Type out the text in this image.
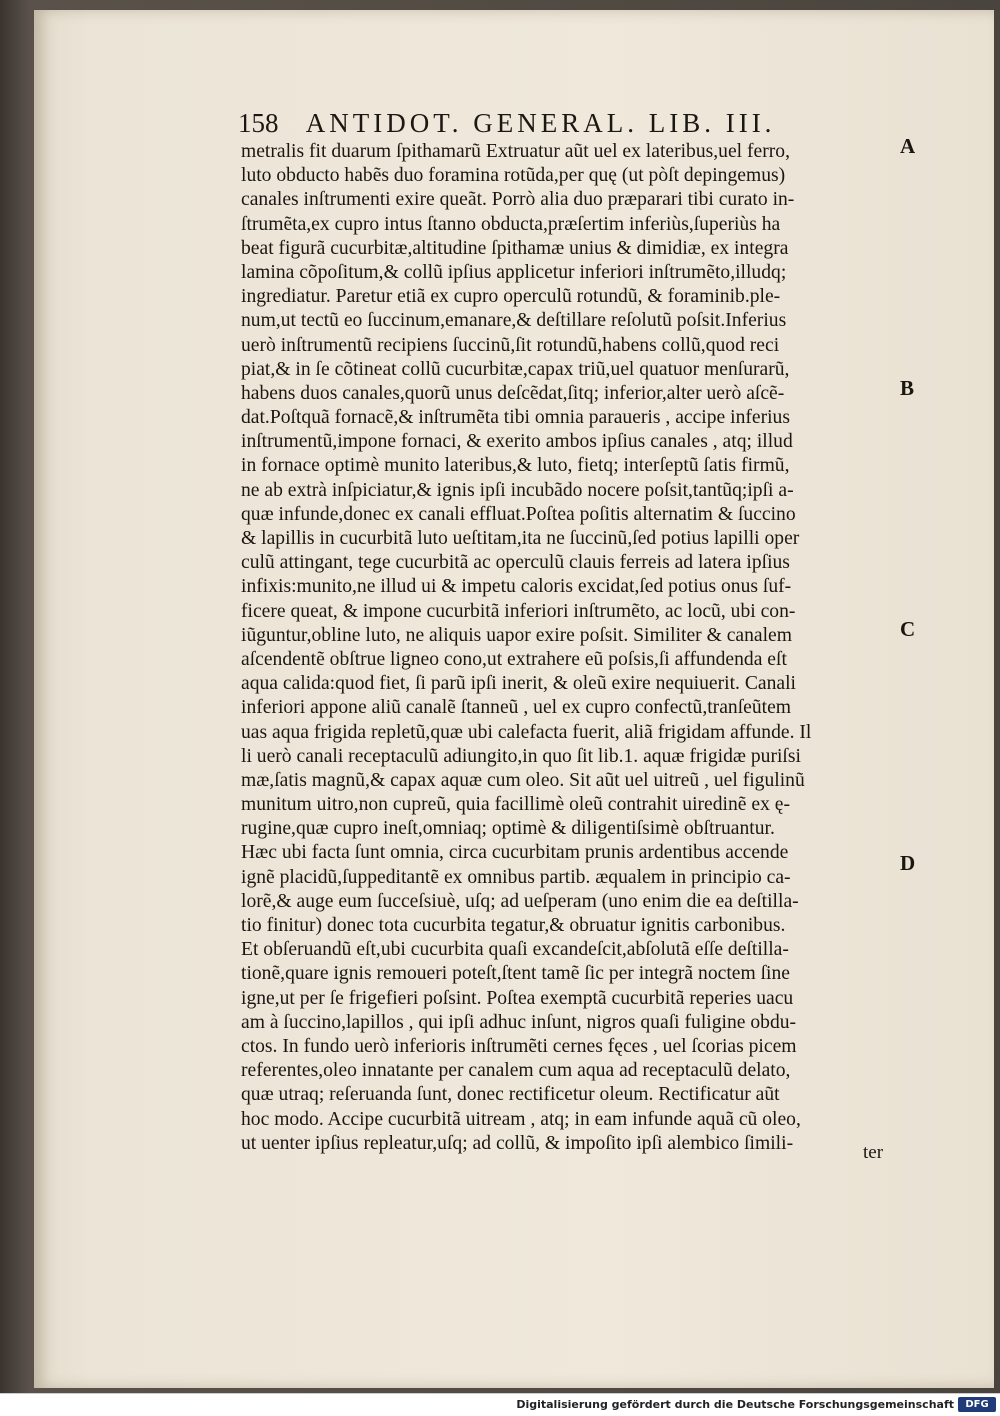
158 ANTIDOT. GENERAL. LIB. III.
metralis fit duarum ſpithamarũ Extruatur aũt uel ex lateribus,uel ferro,
luto obducto habẽs duo foramina rotũda,per quę (ut pòſt depingemus)
canales inſtrumenti exire queãt. Porrò alia duo præparari tibi curato in-
ſtrumẽta,ex cupro intus ſtanno obducta,præſertim inferiùs,ſuperiùs ha
beat figurã cucurbitæ,altitudine ſpithamæ unius & dimidiæ, ex integra
lamina cõpoſitum,& collũ ipſius applicetur inferiori inſtrumẽto,illudq;
ingrediatur. Paretur etiã ex cupro operculũ rotundũ, & foraminib.ple-
num,ut tectũ eo ſuccinum,emanare,& deſtillare reſolutũ poſsit.Inferius
uerò inſtrumentũ recipiens ſuccinũ,ſit rotundũ,habens collũ,quod reci
piat,& in ſe cõtineat collũ cucurbitæ,capax triũ,uel quatuor menſurarũ,
habens duos canales,quorũ unus deſcẽdat,ſitq; inferior,alter uerò aſcẽ-
dat.Poſtquã fornacẽ,& inſtrumẽta tibi omnia paraueris , accipe inferius
inſtrumentũ,impone fornaci, & exerito ambos ipſius canales , atq; illud
in fornace optimè munito lateribus,& luto, fietq; interſeptũ ſatis firmũ,
ne ab extrà inſpiciatur,& ignis ipſi incubãdo nocere poſsit,tantũq;ipſi a-
quæ infunde,donec ex canali effluat.Poſtea poſitis alternatim & ſuccino
& lapillis in cucurbitã luto ueſtitam,ita ne ſuccinũ,ſed potius lapilli oper
culũ attingant, tege cucurbitã ac operculũ clauis ferreis ad latera ipſius
infixis:munito,ne illud ui & impetu caloris excidat,ſed potius onus ſuf-
ficere queat, & impone cucurbitã inferiori inſtrumẽto, ac locũ, ubi con-
iũguntur,obline luto, ne aliquis uapor exire poſsit. Similiter & canalem
aſcendentẽ obſtrue ligneo cono,ut extrahere eũ poſsis,ſi affundenda eſt
aqua calida:quod fiet, ſi parũ ipſi inerit, & oleũ exire nequiuerit. Canali
inferiori appone aliũ canalẽ ſtanneũ , uel ex cupro confectũ,tranſeũtem
uas aqua frigida repletũ,quæ ubi calefacta fuerit, aliã frigidam affunde. Il
li uerò canali receptaculũ adiungito,in quo ſit lib.1. aquæ frigidæ puriſsi
mæ,ſatis magnũ,& capax aquæ cum oleo. Sit aũt uel uitreũ , uel figulinũ
munitum uitro,non cupreũ, quia facillimè oleũ contrahit uiredinẽ ex ę-
rugine,quæ cupro ineſt,omniaq; optimè & diligentiſsimè obſtruantur.
Hæc ubi facta ſunt omnia, circa cucurbitam prunis ardentibus accende
ignẽ placidũ,ſuppeditantẽ ex omnibus partib. æqualem in principio ca-
lorẽ,& auge eum ſucceſsiuè, uſq; ad ueſperam (uno enim die ea deſtilla-
tio finitur) donec tota cucurbita tegatur,& obruatur ignitis carbonibus.
Et obſeruandũ eſt,ubi cucurbita quaſi excandeſcit,abſolutã eſſe deſtilla-
tionẽ,quare ignis remoueri poteſt,ſtent tamẽ ſic per integrã noctem ſine
igne,ut per ſe frigefieri poſsint. Poſtea exemptã cucurbitã reperies uacu
am à ſuccino,lapillos , qui ipſi adhuc inſunt, nigros quaſi fuligine obdu-
ctos. In fundo uerò inferioris inſtrumẽti cernes fęces , uel ſcorias picem
referentes,oleo innatante per canalem cum aqua ad receptaculũ delato,
quæ utraq; reſeruanda ſunt, donec rectificetur oleum. Rectificatur aũt
hoc modo. Accipe cucurbitã uitream , atq; in eam infunde aquã cũ oleo,
ut uenter ipſius repleatur,uſq; ad collũ, & impoſito ipſi alembico ſimili-
A
B
C
D
ter
Digitalisierung gefördert durch die Deutsche Forschungsgemeinschaft	DFG
